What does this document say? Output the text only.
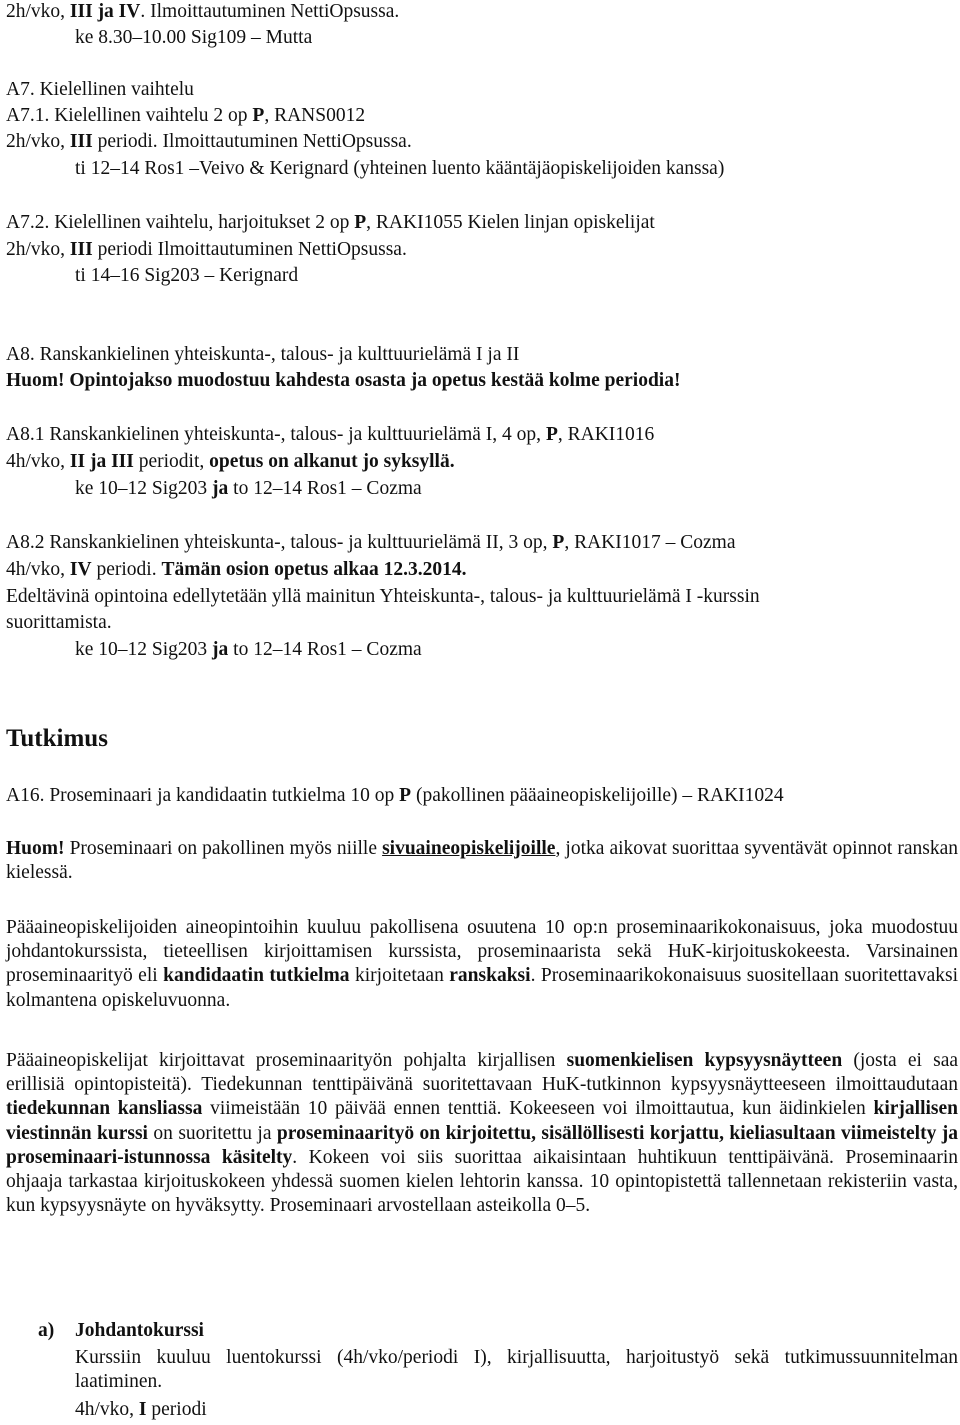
2h/vko, III ja IV. Ilmoittautuminen NettiOpsussa.
ke 8.30–10.00 Sig109 – Mutta
A7. Kielellinen vaihtelu
A7.1. Kielellinen vaihtelu 2 op P, RANS0012
2h/vko, III periodi. Ilmoittautuminen NettiOpsussa.
ti 12–14 Ros1 –Veivo & Kerignard (yhteinen luento kääntäjäopiskelijoiden kanssa)
A7.2. Kielellinen vaihtelu, harjoitukset 2 op P, RAKI1055 Kielen linjan opiskelijat
2h/vko, III periodi Ilmoittautuminen NettiOpsussa.
ti 14–16 Sig203 – Kerignard
A8. Ranskankielinen yhteiskunta-, talous- ja kulttuurielämä I ja II
Huom! Opintojakso muodostuu kahdesta osasta ja opetus kestää kolme periodia!
A8.1 Ranskankielinen yhteiskunta-, talous- ja kulttuurielämä I, 4 op, P, RAKI1016
4h/vko, II ja III periodit, opetus on alkanut jo syksyllä.
ke 10–12 Sig203 ja to 12–14 Ros1 – Cozma
A8.2 Ranskankielinen yhteiskunta-, talous- ja kulttuurielämä II, 3 op, P, RAKI1017 – Cozma
4h/vko, IV periodi. Tämän osion opetus alkaa 12.3.2014.
Edeltävinä opintoina edellytetään yllä mainitun Yhteiskunta-, talous- ja kulttuurielämä I -kurssin
suorittamista.
ke 10–12 Sig203 ja to 12–14 Ros1 – Cozma
Tutkimus
A16. Proseminaari ja kandidaatin tutkielma 10 op P (pakollinen pääaineopiskelijoille) – RAKI1024
Huom! Proseminaari on pakollinen myös niille sivuaineopiskelijoille, jotka aikovat suorittaa syventävät opinnot ranskan kielessä.
Pääaineopiskelijoiden aineopintoihin kuuluu pakollisena osuutena 10 op:n proseminaarikokonaisuus, joka muodostuu johdantokurssista, tieteellisen kirjoittamisen kurssista, proseminaarista sekä HuK-kirjoituskokeesta. Varsinainen proseminaarityö eli kandidaatin tutkielma kirjoitetaan ranskaksi. Proseminaarikokonaisuus suositellaan suoritettavaksi kolmantena opiskeluvuonna.
Pääaineopiskelijat kirjoittavat proseminaarityön pohjalta kirjallisen suomenkielisen kypsyysnäytteen (josta ei saa erillisiä opintopisteitä). Tiedekunnan tenttipäivänä suoritettavaan HuK-tutkinnon kypsyysnäytteeseen ilmoittaudutaan tiedekunnan kansliassa viimeistään 10 päivää ennen tenttiä. Kokeeseen voi ilmoittautua, kun äidinkielen kirjallisen viestinnän kurssi on suoritettu ja proseminaarityö on kirjoitettu, sisällöllisesti korjattu, kieliasultaan viimeistelty ja proseminaari-istunnossa käsitelty. Kokeen voi siis suorittaa aikaisintaan huhtikuun tenttipäivänä. Proseminaarin ohjaaja tarkastaa kirjoituskokeen yhdessä suomen kielen lehtorin kanssa. 10 opintopistettä tallennetaan rekisteriin vasta, kun kypsyysnäyte on hyväksytty. Proseminaari arvostellaan asteikolla 0–5.
a) Johdantokurssi
Kurssiin kuuluu luentokurssi (4h/vko/periodi I), kirjallisuutta, harjoitustyö sekä tutkimussuunnitelman laatiminen.
4h/vko, I periodi
